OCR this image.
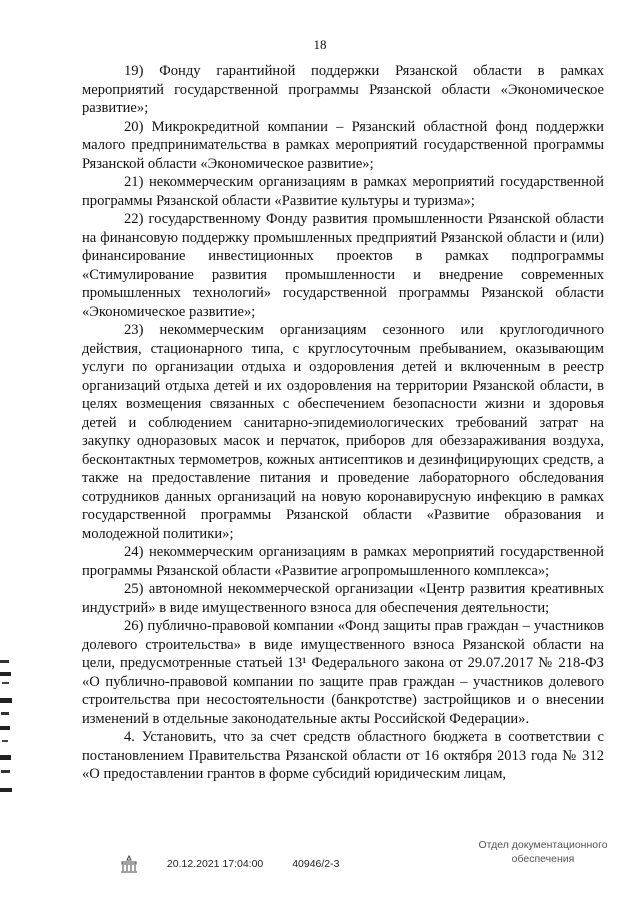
18

19) Фонду гарантийной поддержки Рязанской области в рамках мероприятий государственной программы Рязанской области «Экономическое развитие»;

20) Микрокредитной компании – Рязанский областной фонд поддержки малого предпринимательства в рамках мероприятий государственной программы Рязанской области «Экономическое развитие»;

21) некоммерческим организациям в рамках мероприятий государственной программы Рязанской области «Развитие культуры и туризма»;

22) государственному Фонду развития промышленности Рязанской области на финансовую поддержку промышленных предприятий Рязанской области и (или) финансирование инвестиционных проектов в рамках подпрограммы «Стимулирование развития промышленности и внедрение современных промышленных технологий» государственной программы Рязанской области «Экономическое развитие»;

23) некоммерческим организациям сезонного или круглогодичного действия, стационарного типа, с круглосуточным пребыванием, оказывающим услуги по организации отдыха и оздоровления детей и включенным в реестр организаций отдыха детей и их оздоровления на территории Рязанской области, в целях возмещения связанных с обеспечением безопасности жизни и здоровья детей и соблюдением санитарно-эпидемиологических требований затрат на закупку одноразовых масок и перчаток, приборов для обеззараживания воздуха, бесконтактных термометров, кожных антисептиков и дезинфицирующих средств, а также на предоставление питания и проведение лабораторного обследования сотрудников данных организаций на новую коронавирусную инфекцию в рамках государственной программы Рязанской области «Развитие образования и молодежной политики»;

24) некоммерческим организациям в рамках мероприятий государственной программы Рязанской области «Развитие агропромышленного комплекса»;

25) автономной некоммерческой организации «Центр развития креативных индустрий» в виде имущественного взноса для обеспечения деятельности;

26) публично-правовой компании «Фонд защиты прав граждан – участников долевого строительства» в виде имущественного взноса Рязанской области на цели, предусмотренные статьей 13¹ Федерального закона от 29.07.2017 № 218-ФЗ «О публично-правовой компании по защите прав граждан – участников долевого строительства при несостоятельности (банкротстве) застройщиков и о внесении изменений в отдельные законодательные акты Российской Федерации».

4. Установить, что за счет средств областного бюджета в соответствии с постановлением Правительства Рязанской области от 16 октября 2013 года № 312 «О предоставлении грантов в форме субсидий юридическим лицам,

20.12.2021 17:04:00	40946/2-3
Отдел документационного
обеспечения
